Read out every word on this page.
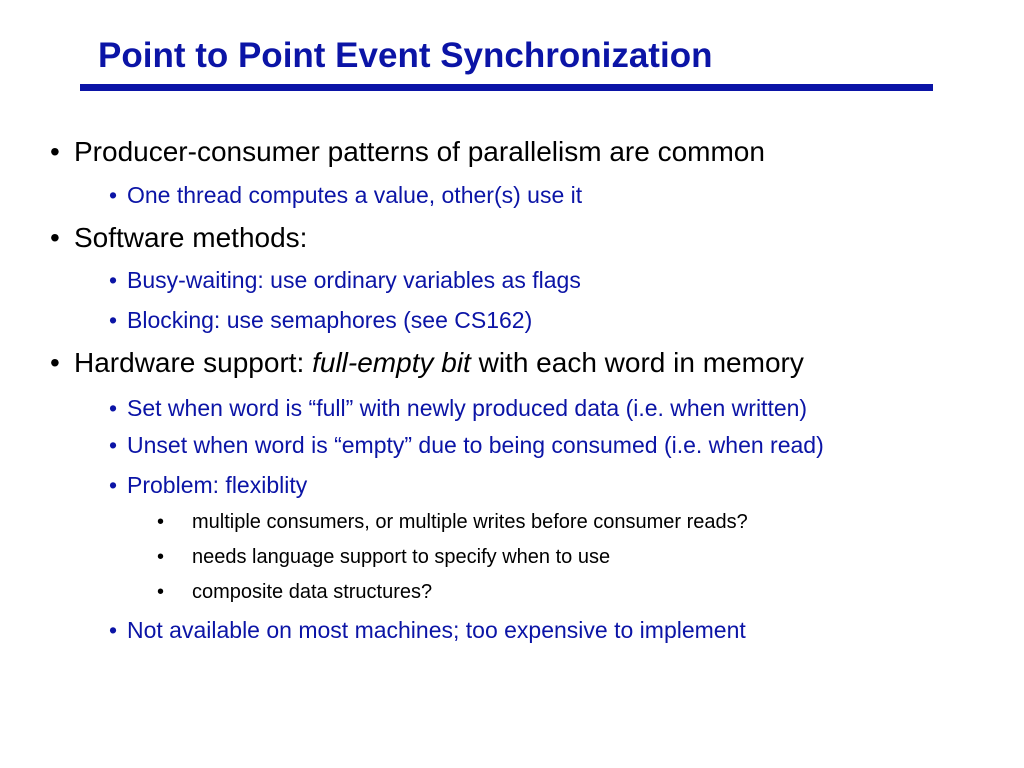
Point to Point Event Synchronization
• Producer-consumer patterns of parallelism are common
• One thread computes a value, other(s) use it
• Software methods:
• Busy-waiting: use ordinary variables as flags
• Blocking: use semaphores (see CS162)
• Hardware support: full-empty bit with each word in memory
• Set when word is “full” with newly produced data (i.e. when written)
• Unset when word is “empty” due to being consumed (i.e. when read)
• Problem: flexiblity
• multiple consumers, or multiple writes before consumer reads?
• needs language support to specify when to use
• composite data structures?
• Not available on most machines; too expensive to implement
